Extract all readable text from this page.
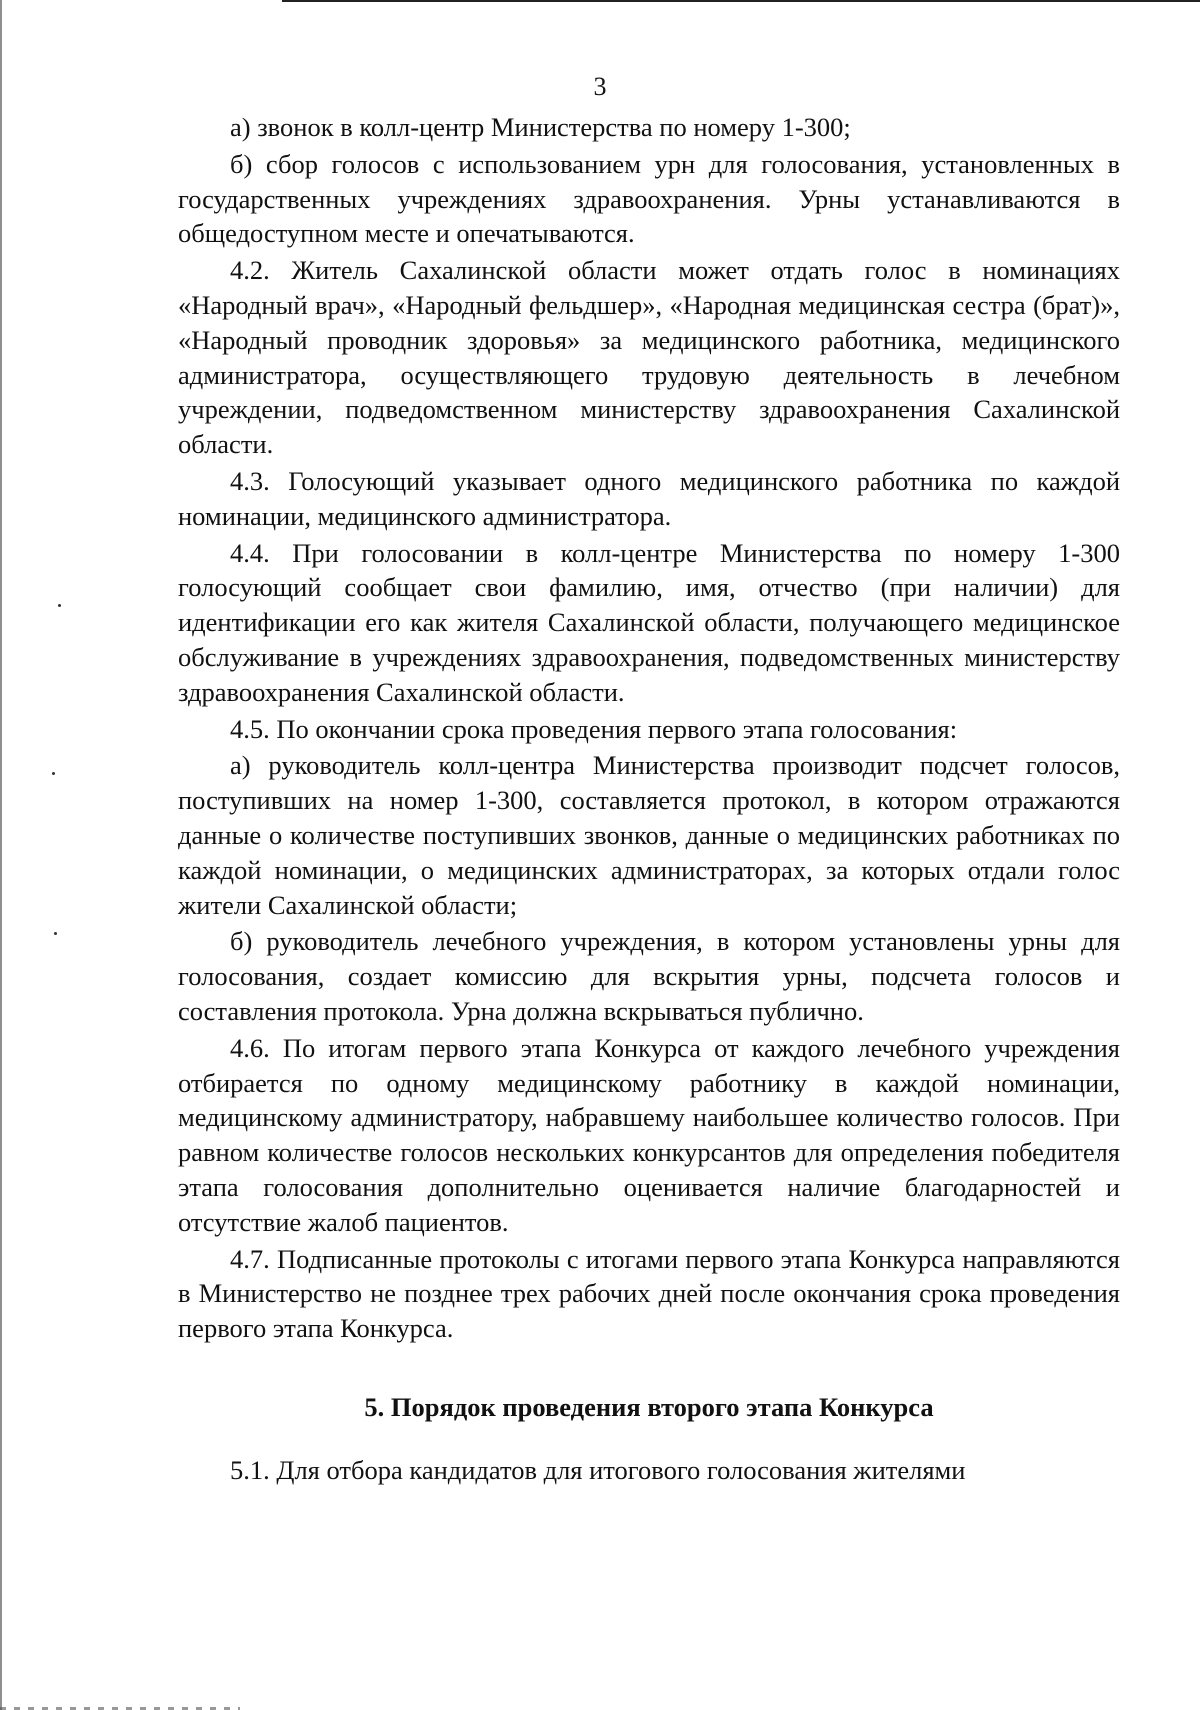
3

а) звонок в колл-центр Министерства по номеру 1-300;

б) сбор голосов с использованием урн для голосования, установленных в государственных учреждениях здравоохранения. Урны устанавливаются в общедоступном месте и опечатываются.

4.2. Житель Сахалинской области может отдать голос в номинациях «Народный врач», «Народный фельдшер», «Народная медицинская сестра (брат)», «Народный проводник здоровья» за медицинского работника, медицинского администратора, осуществляющего трудовую деятельность в лечебном учреждении, подведомственном министерству здравоохранения Сахалинской области.

4.3. Голосующий указывает одного медицинского работника по каждой номинации, медицинского администратора.

4.4. При голосовании в колл-центре Министерства по номеру 1-300 голосующий сообщает свои фамилию, имя, отчество (при наличии) для идентификации его как жителя Сахалинской области, получающего медицинское обслуживание в учреждениях здравоохранения, подведомственных министерству здравоохранения Сахалинской области.

4.5. По окончании срока проведения первого этапа голосования:

а) руководитель колл-центра Министерства производит подсчет голосов, поступивших на номер 1-300, составляется протокол, в котором отражаются данные о количестве поступивших звонков, данные о медицинских работниках по каждой номинации, о медицинских администраторах, за которых отдали голос жители Сахалинской области;

б) руководитель лечебного учреждения, в котором установлены урны для голосования, создает комиссию для вскрытия урны, подсчета голосов и составления протокола. Урна должна вскрываться публично.

4.6. По итогам первого этапа Конкурса от каждого лечебного учреждения отбирается по одному медицинскому работнику в каждой номинации, медицинскому администратору, набравшему наибольшее количество голосов. При равном количестве голосов нескольких конкурсантов для определения победителя этапа голосования дополнительно оценивается наличие благодарностей и отсутствие жалоб пациентов.

4.7. Подписанные протоколы с итогами первого этапа Конкурса направляются в Министерство не позднее трех рабочих дней после окончания срока проведения первого этапа Конкурса.

5. Порядок проведения второго этапа Конкурса

5.1. Для отбора кандидатов для итогового голосования жителями
